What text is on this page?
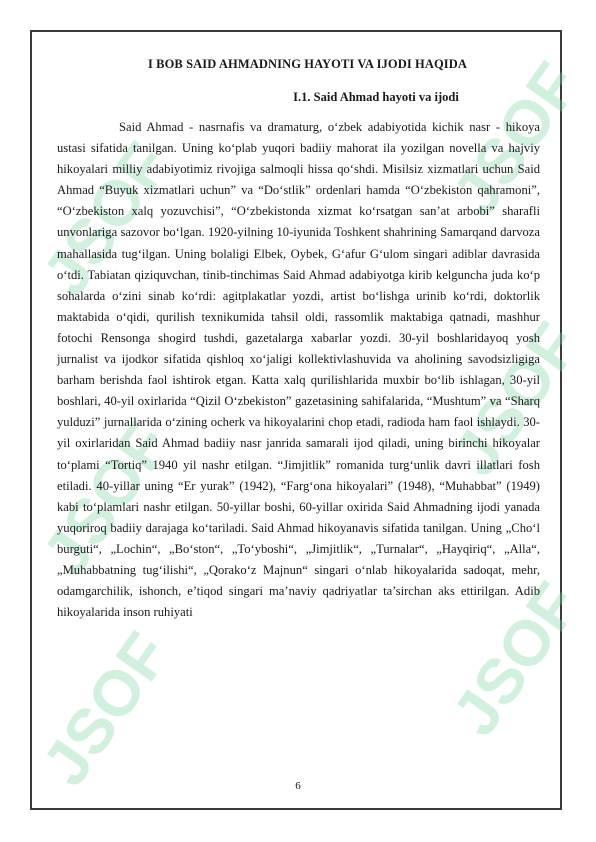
JSOF
JSOF
JSOF
JSOF
JSOF
JSOF
I BOB SAID AHMADNING HAYOTI VA IJODI HAQIDA
I.1. Said Ahmad hayoti va ijodi

Said Ahmad - nasrnafis va dramaturg, oʻzbek adabiyotida kichik nasr - hikoya ustasi sifatida tanilgan. Uning koʻplab yuqori badiiy mahorat ila yozilgan novella va hajviy hikoyalari milliy adabiyotimiz rivojiga salmoqli hissa qoʻshdi. Misilsiz xizmatlari uchun Said Ahmad “Buyuk xizmatlari uchun” va “Doʻstlik” ordenlari hamda “Oʻzbekiston qahramoni”, “Oʻzbekiston xalq yozuvchisi”, “Oʻzbekistonda xizmat koʻrsatgan san’at arbobi” sharafli unvonlariga sazovor boʻlgan. 1920-yilning 10-iyunida Toshkent shahrining Samarqand darvoza mahallasida tugʻilgan. Uning bolaligi Elbek, Oybek, Gʻafur Gʻulom singari adiblar davrasida oʻtdi. Tabiatan qiziquvchan, tinib-tinchimas Said Ahmad adabiyotga kirib kelguncha juda koʻp sohalarda oʻzini sinab koʻrdi: agitplakatlar yozdi, artist boʻlishga urinib koʻrdi, doktorlik maktabida oʻqidi, qurilish texnikumida tahsil oldi, rassomlik maktabiga qatnadi, mashhur fotochi Rensonga shogird tushdi, gazetalarga xabarlar yozdi. 30-yil boshlaridayoq yosh jurnalist va ijodkor sifatida qishloq xoʻjaligi kollektivlashuvida va aholining savodsizligiga barham berishda faol ishtirok etgan. Katta xalq qurilishlarida muxbir boʻlib ishlagan, 30-yil boshlari, 40-yil oxirlarida “Qizil Oʻzbekiston” gazetasining sahifalarida, “Mushtum” va “Sharq yulduzi” jurnallarida oʻzining ocherk va hikoyalarini chop etadi, radioda ham faol ishlaydi. 30-yil oxirlaridan Said Ahmad badiiy nasr janrida samarali ijod qiladi, uning birinchi hikoyalar toʻplami “Tortiq” 1940 yil nashr etilgan. “Jimjitlik” romanida turgʻunlik davri illatlari fosh etiladi. 40-yillar uning “Er yurak” (1942), “Fargʻona hikoyalari” (1948), “Muhabbat” (1949) kabi toʻplamlari nashr etilgan. 50-yillar boshi, 60-yillar oxirida Said Ahmadning ijodi yanada yuqoriroq badiiy darajaga koʻtariladi. Said Ahmad hikoyanavis sifatida tanilgan. Uning „Choʻl burguti“, „Lochin“, „Boʻston“, „Toʻyboshi“, „Jimjitlik“, „Turnalar“, „Hayqiriq“, „Alla“, „Muhabbatning tugʻilishi“, „Qorakoʻz Majnun“ singari oʻnlab hikoyalarida sadoqat, mehr, odamgarchilik, ishonch, e’tiqod singari ma’naviy qadriyatlar ta’sirchan aks ettirilgan. Adib hikoyalarida inson ruhiyati

6
